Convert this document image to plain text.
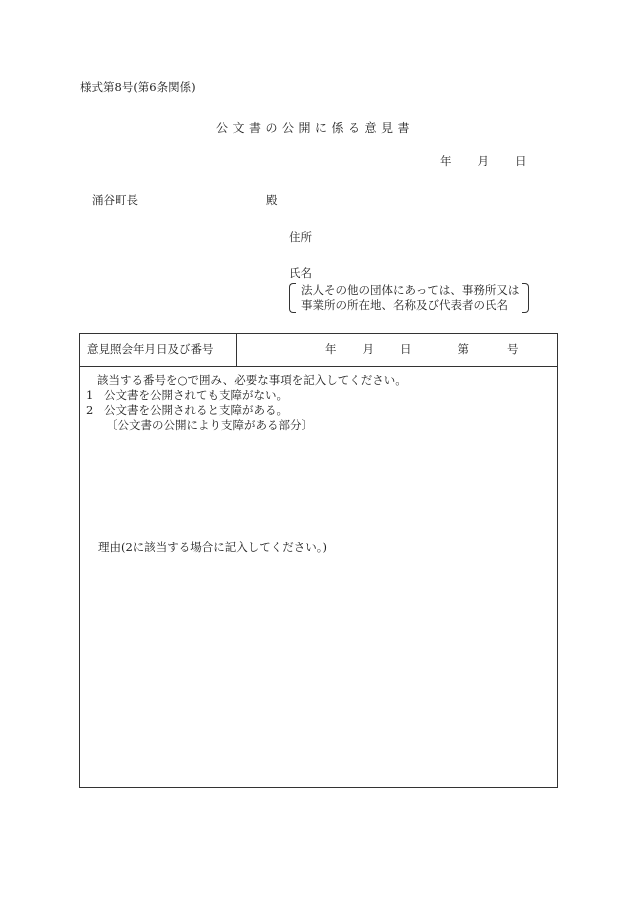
様式第8号(第6条関係)
公文書の公開に係る意見書
年 月 日
涌谷町長	殿
住所
氏名
法人その他の団体にあっては、事務所又は
事業所の所在地、名称及び代表者の氏名
意見照会年月日及び番号	年 月 日	第	号
該当する番号を○で囲み、必要な事項を記入してください。
1 公文書を公開されても支障がない。
2 公文書を公開されると支障がある。
〔公文書の公開により支障がある部分〕
理由(2に該当する場合に記入してください。)
